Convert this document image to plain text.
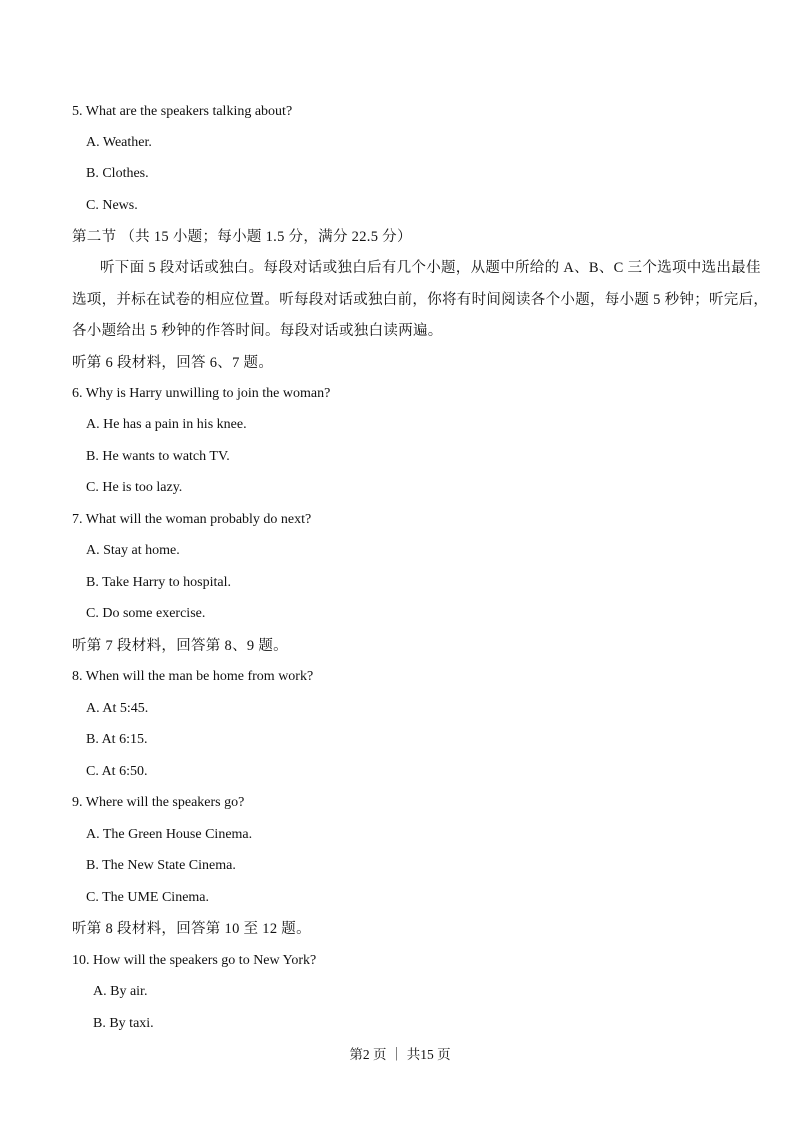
5. What are the speakers talking about?
A. Weather.
B. Clothes.
C. News.
第二节 （共 15 小题；每小题 1.5 分，满分 22.5 分）
听下面 5 段对话或独白。每段对话或独白后有几个小题，从题中所给的 A、B、C 三个选项中选出最佳
选项，并标在试卷的相应位置。听每段对话或独白前，你将有时间阅读各个小题，每小题 5 秒钟；听完后，
各小题给出 5 秒钟的作答时间。每段对话或独白读两遍。
听第 6 段材料，回答 6、7 题。
6. Why is Harry unwilling to join the woman?
A. He has a pain in his knee.
B. He wants to watch TV.
C. He is too lazy.
7. What will the woman probably do next?
A. Stay at home.
B. Take Harry to hospital.
C. Do some exercise.
听第 7 段材料，回答第 8、9 题。
8. When will the man be home from work?
A. At 5:45.
B. At 6:15.
C. At 6:50.
9. Where will the speakers go?
A. The Green House Cinema.
B. The New State Cinema.
C. The UME Cinema.
听第 8 段材料，回答第 10 至 12 题。
10. How will the speakers go to New York?
A. By air.
B. By taxi.
第2 页 ｜ 共15 页
